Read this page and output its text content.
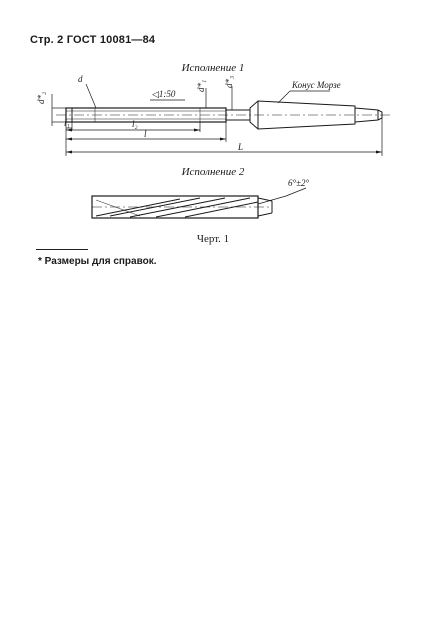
Стр. 2 ГОСТ 10081—84
Исполнение 1
d
d*₂
d*₁ d*₃
◁1:50
Конус Морзе
l₁	l₂
l
L
6°±2°
Исполнение 2
Черт. 1
* Размеры для справок.
